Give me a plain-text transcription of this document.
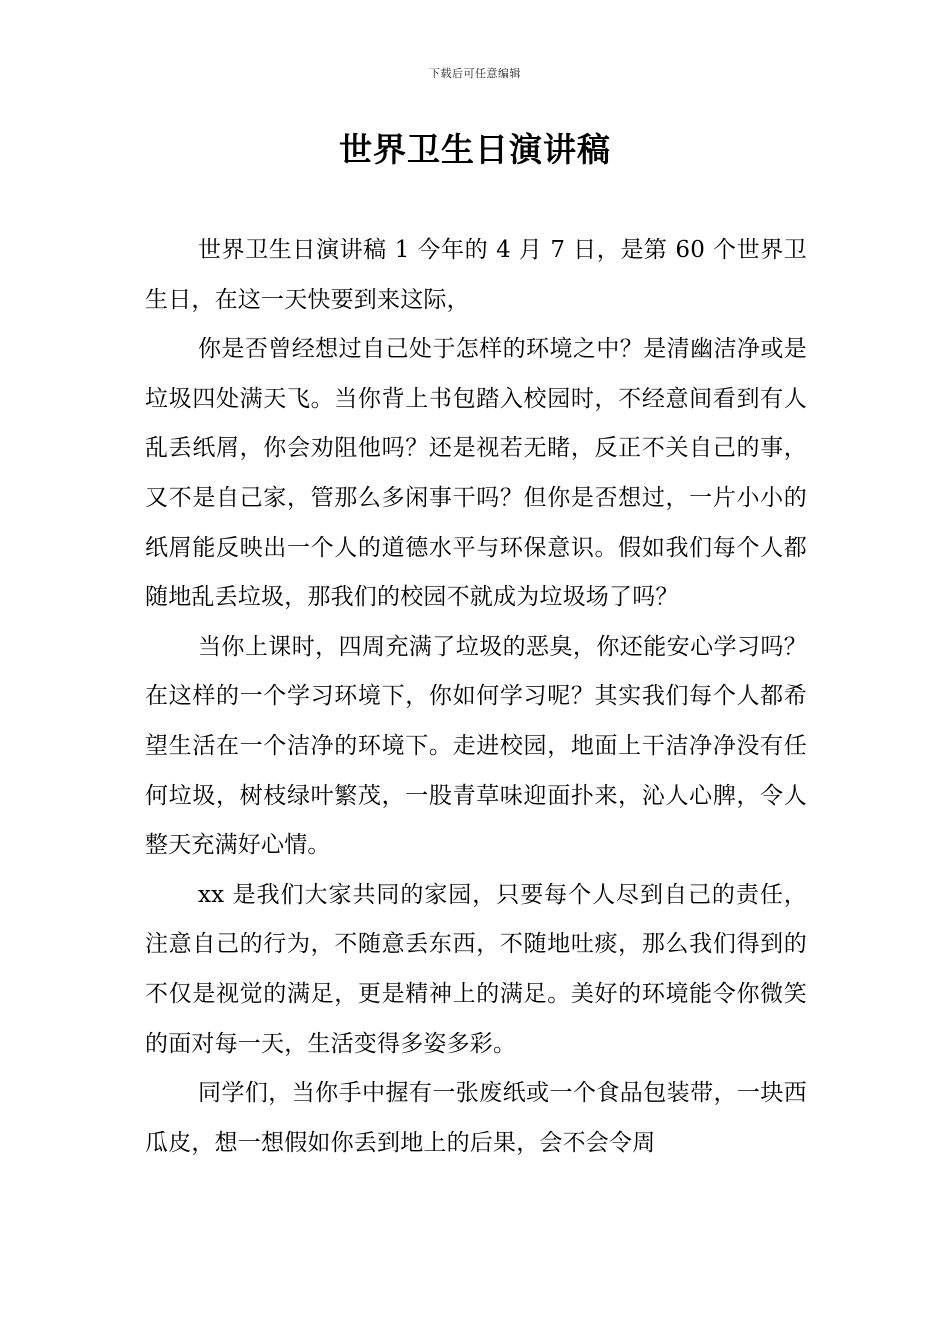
下载后可任意编辑
世界卫生日演讲稿

世界卫生日演讲稿 1 今年的 4 月 7 日，是第 60 个世界卫生日，在这一天快要到来这际，

你是否曾经想过自己处于怎样的环境之中？是清幽洁净或是垃圾四处满天飞。当你背上书包踏入校园时，不经意间看到有人乱丢纸屑，你会劝阻他吗？还是视若无睹，反正不关自己的事，又不是自己家，管那么多闲事干吗？但你是否想过，一片小小的纸屑能反映出一个人的道德水平与环保意识。假如我们每个人都随地乱丢垃圾，那我们的校园不就成为垃圾场了吗？

当你上课时，四周充满了垃圾的恶臭，你还能安心学习吗？在这样的一个学习环境下，你如何学习呢？其实我们每个人都希望生活在一个洁净的环境下。走进校园，地面上干洁净净没有任何垃圾，树枝绿叶繁茂，一股青草味迎面扑来，沁人心脾，令人整天充满好心情。

xx 是我们大家共同的家园，只要每个人尽到自己的责任，注意自己的行为，不随意丢东西，不随地吐痰，那么我们得到的不仅是视觉的满足，更是精神上的满足。美好的环境能令你微笑的面对每一天，生活变得多姿多彩。

同学们，当你手中握有一张废纸或一个食品包装带，一块西瓜皮，想一想假如你丢到地上的后果，会不会令周
